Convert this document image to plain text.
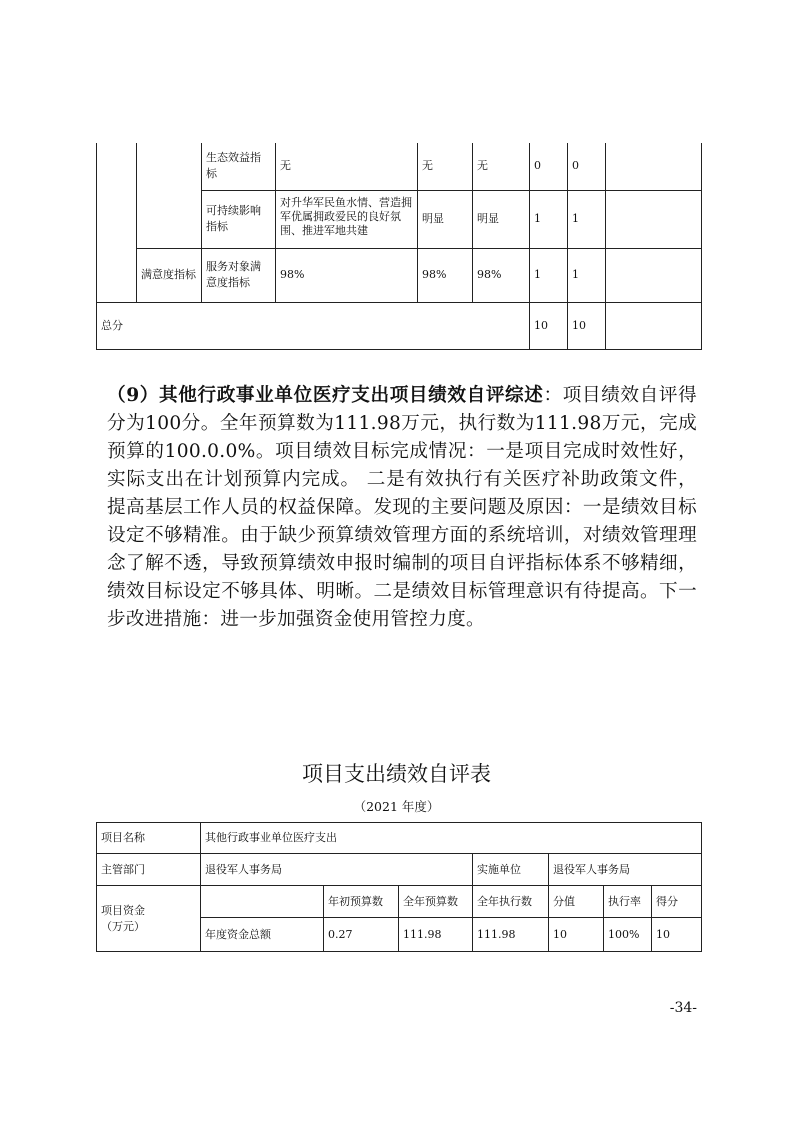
		生态效益指标	无	无	无	0	0	
		可持续影响指标	对升华军民鱼水情、营造拥军优属拥政爱民的良好氛围、推进军地共建	明显	明显	1	1	
	满意度指标	服务对象满意度指标	98%	98%	98%	1	1	
总分						10	10	
（9）其他行政事业单位医疗支出项目绩效自评综述：项目绩效自评得分为100分。全年预算数为111.98万元，执行数为111.98万元，完成预算的100.0.0%。项目绩效目标完成情况：一是项目完成时效性好，实际支出在计划预算内完成。 二是有效执行有关医疗补助政策文件，提高基层工作人员的权益保障。发现的主要问题及原因：一是绩效目标设定不够精准。由于缺少预算绩效管理方面的系统培训，对绩效管理理念了解不透，导致预算绩效申报时编制的项目自评指标体系不够精细，绩效目标设定不够具体、明晰。二是绩效目标管理意识有待提高。下一步改进措施：进一步加强资金使用管控力度。
项目支出绩效自评表
（2021 年度）
项目名称	其他行政事业单位医疗支出						
主管部门	退役军人事务局			实施单位	退役军人事务局		

项目资金
（万元）		年初预算数	全年预算数	全年执行数	分值	执行率	得分
	年度资金总额	0.27	111.98	111.98	10	100%	10
-34-
